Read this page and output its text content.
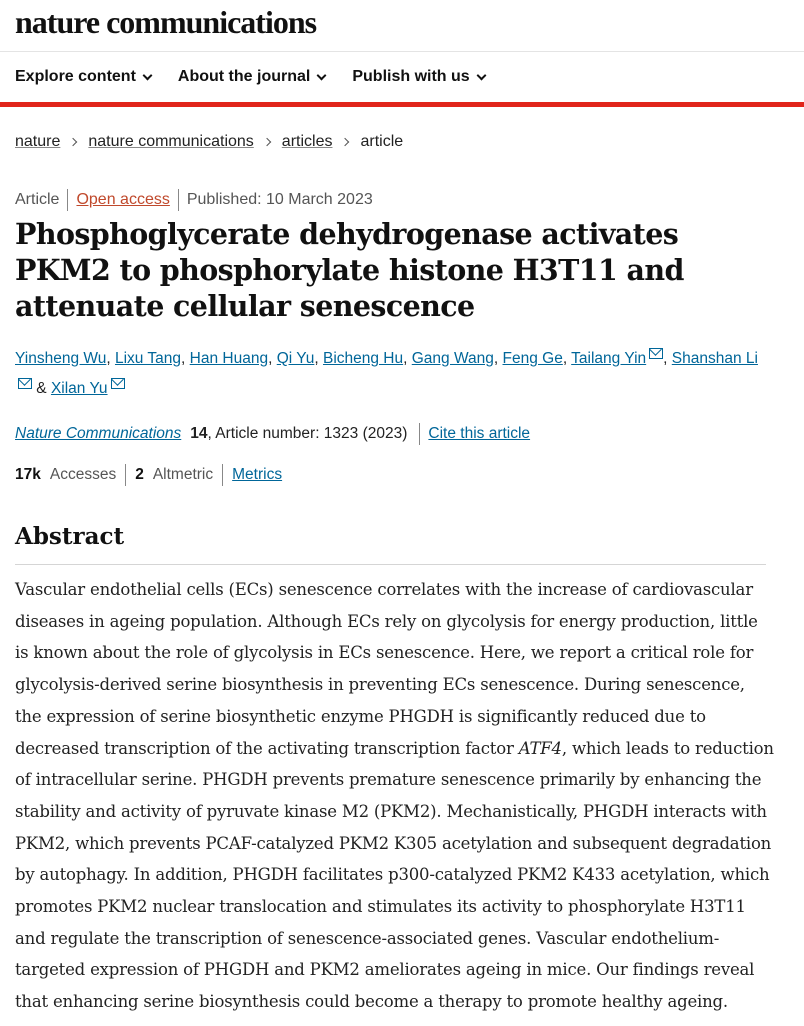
nature communications
Explore content	About the journal	Publish with us
nature nature communications articles article
Article Open access Published: 10 March 2023
Phosphoglycerate dehydrogenase activates PKM2 to phosphorylate histone H3T11 and attenuate cellular senescence
Yinsheng Wu, Lixu Tang, Han Huang, Qi Yu, Bicheng Hu, Gang Wang, Feng Ge, Tailang Yin , Shanshan Li
& Xilan Yu
Nature Communications 14 , Article number: 1323 (2023) Cite this article
17k Accesses 2 Altmetric Metrics
Abstract

Vascular endothelial cells (ECs) senescence correlates with the increase of cardiovascular diseases in ageing population. Although ECs rely on glycolysis for energy production, little is known about the role of glycolysis in ECs senescence. Here, we report a critical role for glycolysis-derived serine biosynthesis in preventing ECs senescence. During senescence, the expression of serine biosynthetic enzyme PHGDH is significantly reduced due to decreased transcription of the activating transcription factor ATF4, which leads to reduction of intracellular serine. PHGDH prevents premature senescence primarily by enhancing the stability and activity of pyruvate kinase M2 (PKM2). Mechanistically, PHGDH interacts with PKM2, which prevents PCAF-catalyzed PKM2 K305 acetylation and subsequent degradation by autophagy. In addition, PHGDH facilitates p300-catalyzed PKM2 K433 acetylation, which promotes PKM2 nuclear translocation and stimulates its activity to phosphorylate H3T11 and regulate the transcription of senescence-associated genes. Vascular endothelium-targeted expression of PHGDH and PKM2 ameliorates ageing in mice. Our findings reveal that enhancing serine biosynthesis could become a therapy to promote healthy ageing.
